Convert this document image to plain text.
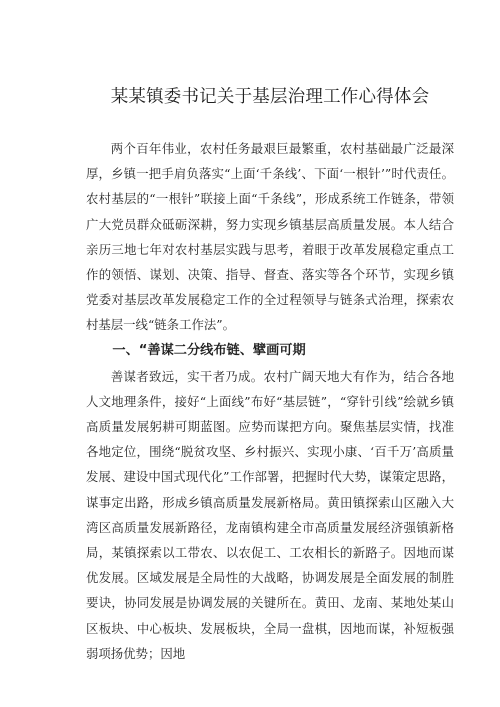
某某镇委书记关于基层治理工作心得体会

两个百年伟业，农村任务最艰巨最繁重，农村基础最广泛最深厚，乡镇一把手肩负落实“上面‘千条线’、下面‘一根针’”时代责任。农村基层的“一根针”联接上面“千条线”，形成系统工作链条，带领广大党员群众砥砺深耕，努力实现乡镇基层高质量发展。本人结合亲历三地七年对农村基层实践与思考，着眼于改革发展稳定重点工作的领悟、谋划、决策、指导、督查、落实等各个环节，实现乡镇党委对基层改革发展稳定工作的全过程领导与链条式治理，探索农村基层一线“链条工作法”。

一、“善谋二分线布链、擘画可期

善谋者致远，实干者乃成。农村广阔天地大有作为，结合各地人文地理条件，接好“上面线”布好“基层链”，“穿针引线”绘就乡镇高质量发展躬耕可期蓝图。应势而谋把方向。聚焦基层实情，找准各地定位，围绕“脱贫攻坚、乡村振兴、实现小康、‘百千万’高质量发展、建设中国式现代化”工作部署，把握时代大势，谋策定思路，谋事定出路，形成乡镇高质量发展新格局。黄田镇探索山区融入大湾区高质量发展新路径，龙南镇构建全市高质量发展经济强镇新格局，某镇探索以工带农、以农促工、工农相长的新路子。因地而谋优发展。区域发展是全局性的大战略，协调发展是全面发展的制胜要诀，协同发展是协调发展的关键所在。黄田、龙南、某地处某山区板块、中心板块、发展板块，全局一盘棋，因地而谋，补短板强弱项扬优势；因地
